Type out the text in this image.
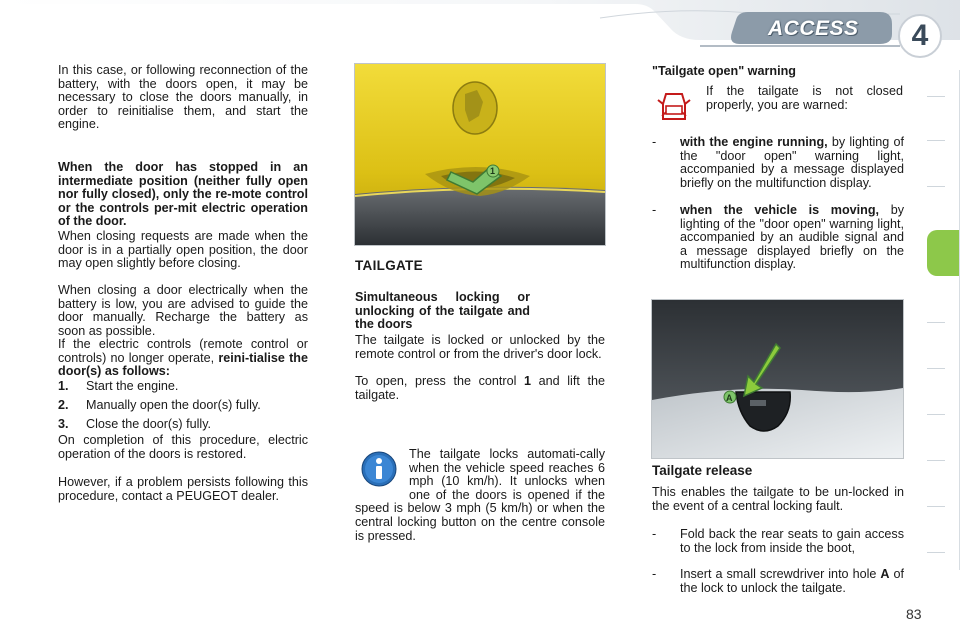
ACCESS	4
In this case, or following reconnection of the battery, with the doors open, it may be necessary to close the doors manually, in order to reinitialise them, and start the engine.
When the door has stopped in an intermediate position (neither fully open nor fully closed), only the re-mote control or the controls per-mit electric operation of the door.
When closing requests are made when the door is in a partially open position, the door may open slightly before closing.
When closing a door electrically when the battery is low, you are advised to guide the door manually. Recharge the battery as soon as possible.
If the electric controls (remote control or controls) no longer operate, reini-tialise the door(s) as follows:
1. Start the engine.
2. Manually open the door(s) fully.
3. Close the door(s) fully.
On completion of this procedure, electric operation of the doors is restored.
However, if a problem persists following this procedure, contact a PEUGEOT dealer.
1
TAILGATE
Simultaneous locking or unlocking of the tailgate and the doors
The tailgate is locked or unlocked by the remote control or from the driver's door lock.
To open, press the control 1 and lift the tailgate.
The tailgate locks automati-cally when the vehicle speed reaches 6 mph (10 km/h). It unlocks when one of the doors is opened if the speed is below 3 mph (5 km/h) or when the central locking button on the centre console is pressed.
"Tailgate open" warning
If the tailgate is not closed properly, you are warned:
- with the engine running, by lighting of the "door open" warning light, accompanied by a message displayed briefly on the multifunction display.
- when the vehicle is moving, by lighting of the "door open" warning light, accompanied by an audible signal and a message displayed briefly on the multifunction display.
A
Tailgate release
This enables the tailgate to be un-locked in the event of a central locking fault.
- Fold back the rear seats to gain access to the lock from inside the boot,
- Insert a small screwdriver into hole A of the lock to unlock the tailgate.
83
